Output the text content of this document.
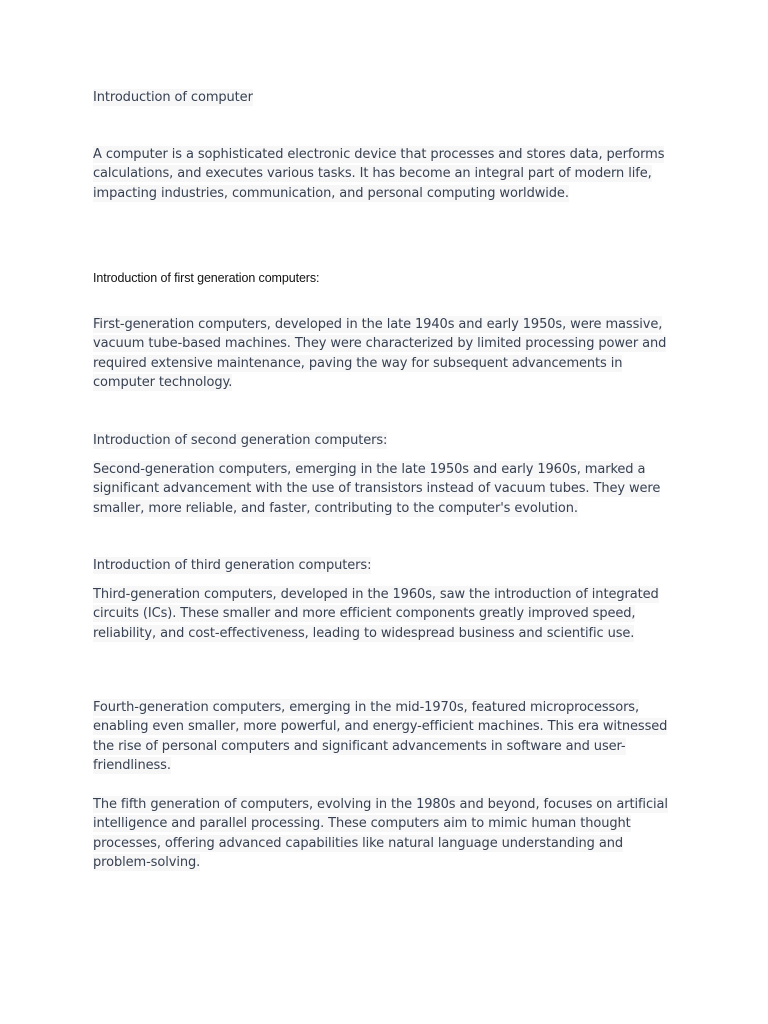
Introduction of computer

A computer is a sophisticated electronic device that processes and stores data, performs calculations, and executes various tasks. It has become an integral part of modern life, impacting industries, communication, and personal computing worldwide.

Introduction of first generation computers:

First-generation computers, developed in the late 1940s and early 1950s, were massive, vacuum tube-based machines. They were characterized by limited processing power and required extensive maintenance, paving the way for subsequent advancements in computer technology.

Introduction of second generation computers:

Second-generation computers, emerging in the late 1950s and early 1960s, marked a significant advancement with the use of transistors instead of vacuum tubes. They were smaller, more reliable, and faster, contributing to the computer's evolution.

Introduction of third generation computers:

Third-generation computers, developed in the 1960s, saw the introduction of integrated circuits (ICs). These smaller and more efficient components greatly improved speed, reliability, and cost-effectiveness, leading to widespread business and scientific use.

Fourth-generation computers, emerging in the mid-1970s, featured microprocessors, enabling even smaller, more powerful, and energy-efficient machines. This era witnessed the rise of personal computers and significant advancements in software and user-friendliness.

The fifth generation of computers, evolving in the 1980s and beyond, focuses on artificial intelligence and parallel processing. These computers aim to mimic human thought processes, offering advanced capabilities like natural language understanding and problem-solving.
